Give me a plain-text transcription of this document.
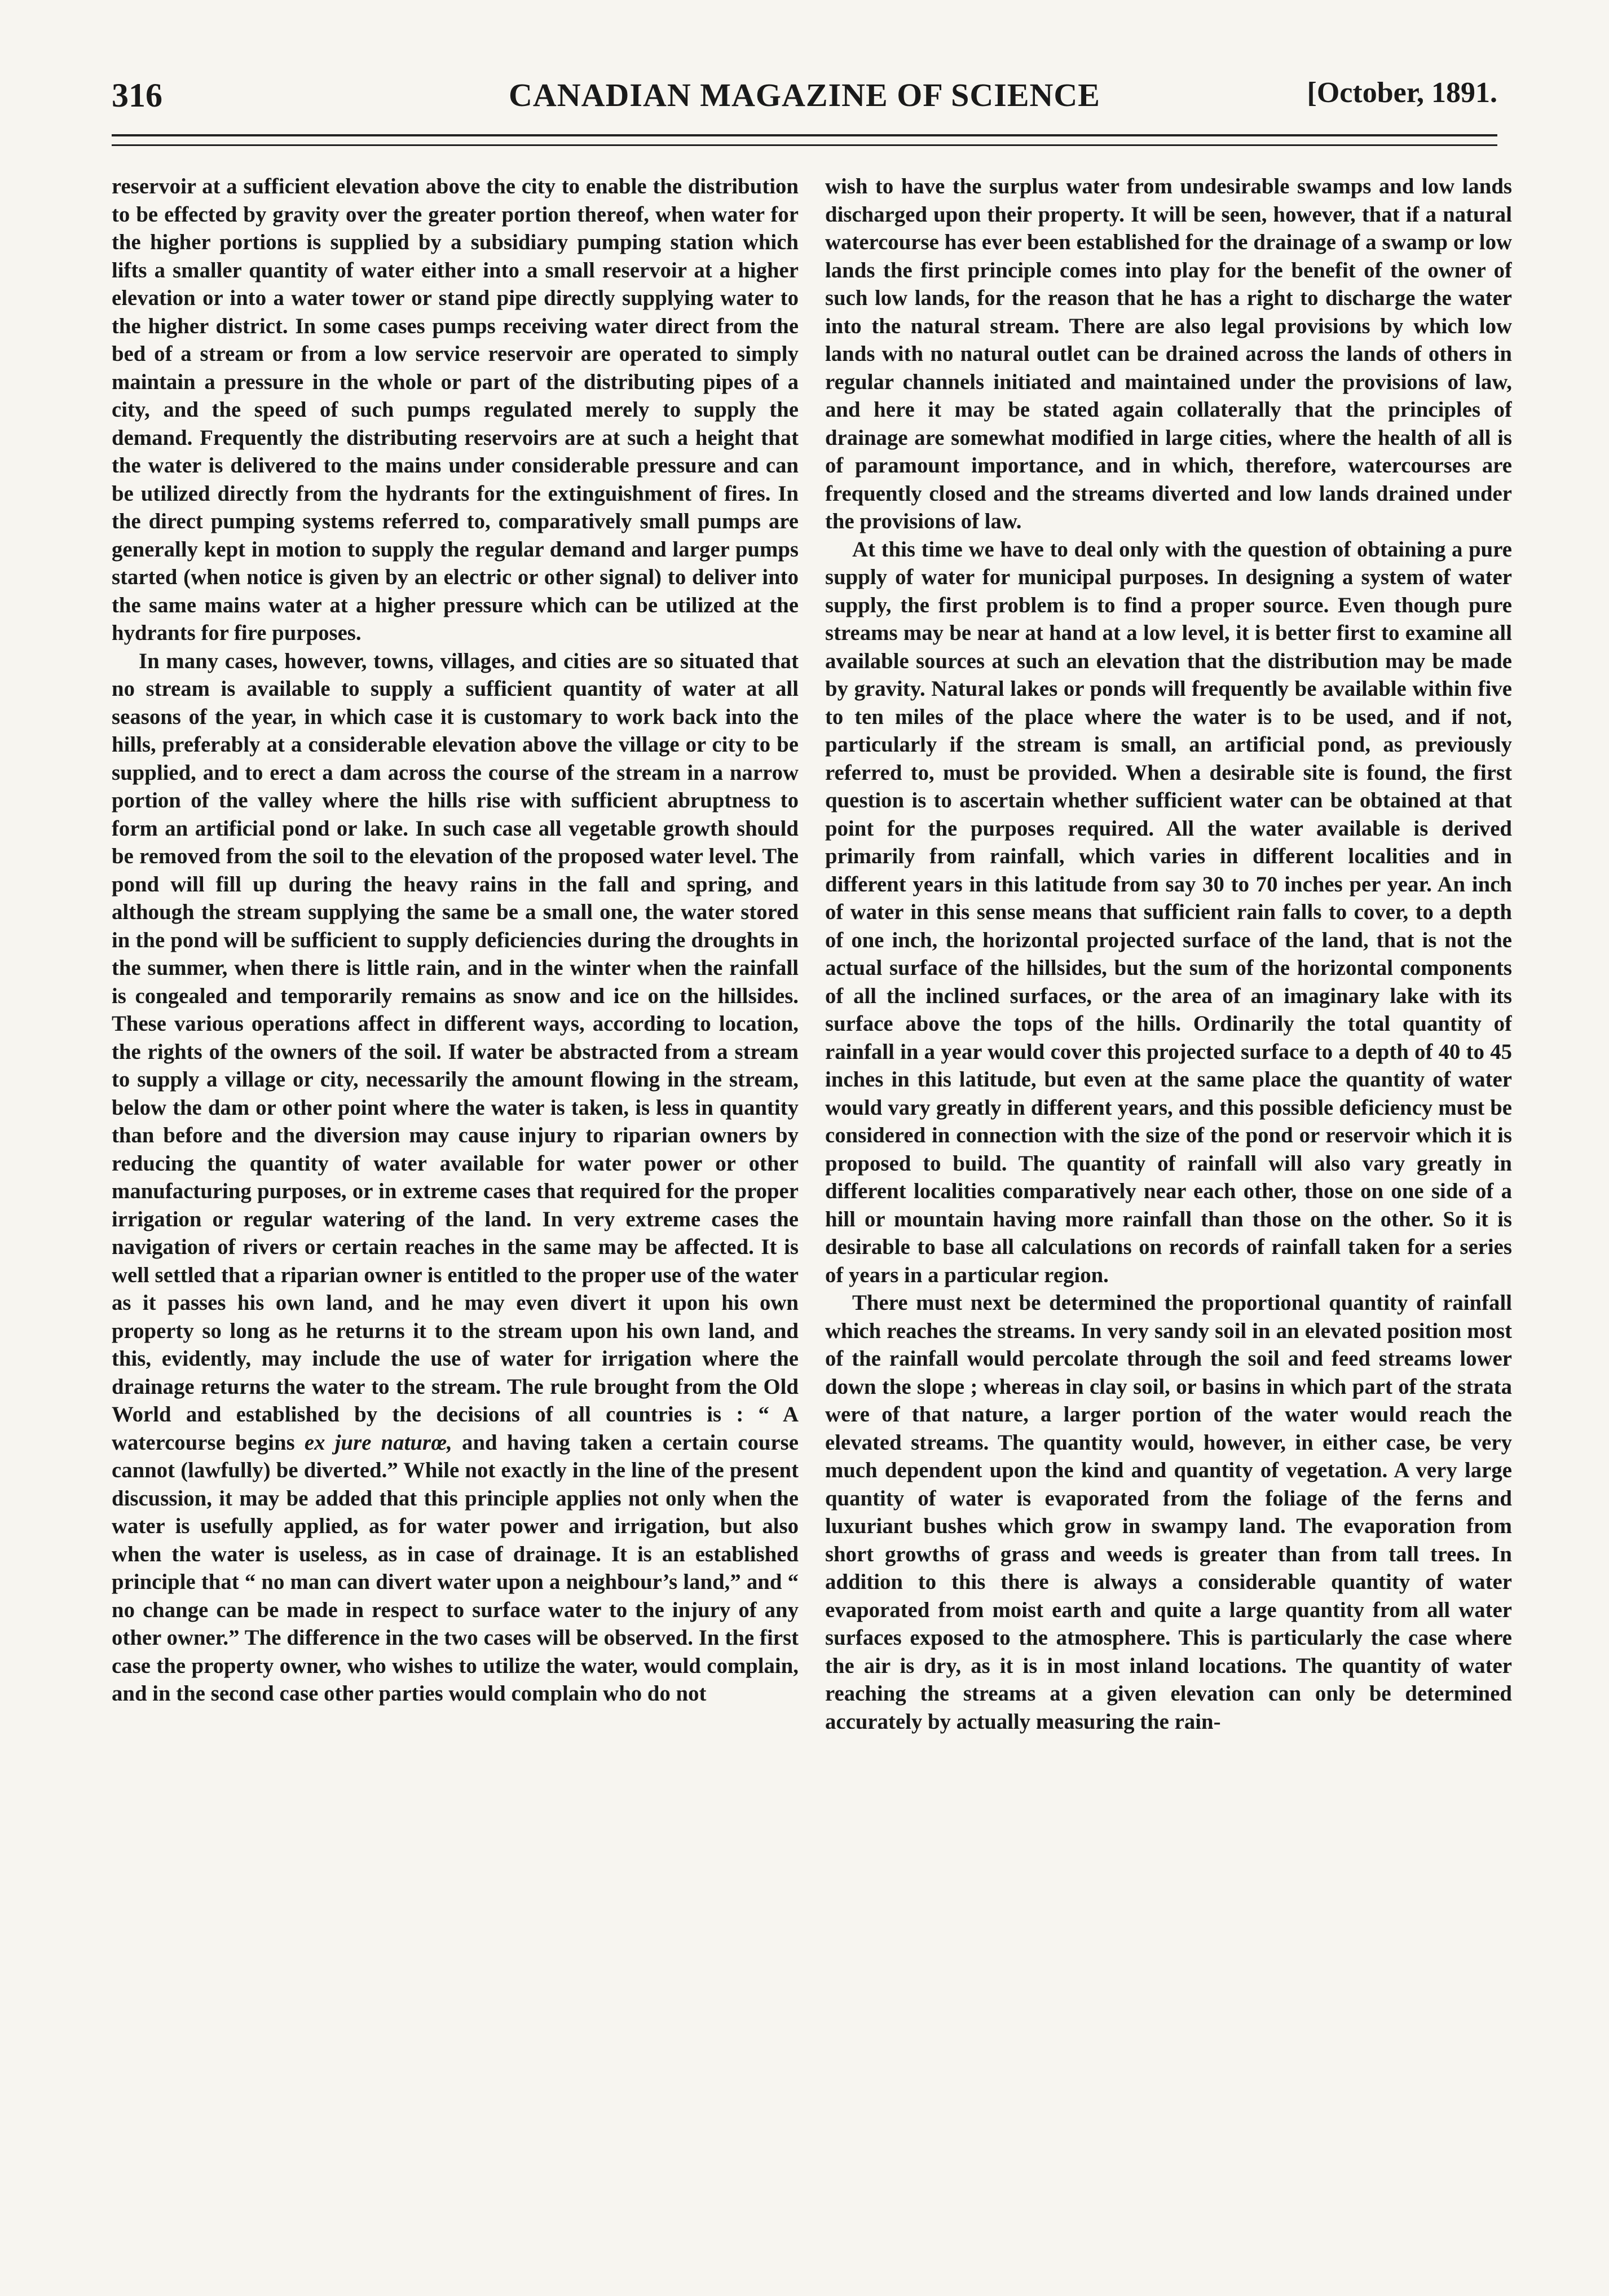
316	CANADIAN MAGAZINE OF SCIENCE	[October, 1891.

reservoir at a sufficient elevation above the city to enable the distribution to be effected by gravity over the greater portion thereof, when water for the higher portions is supplied by a subsidiary pumping station which lifts a smaller quantity of water either into a small reservoir at a higher elevation or into a water tower or stand pipe directly supplying water to the higher district. In some cases pumps receiving water direct from the bed of a stream or from a low service reservoir are operated to simply maintain a pressure in the whole or part of the distributing pipes of a city, and the speed of such pumps regulated merely to supply the demand. Frequently the distributing reservoirs are at such a height that the water is delivered to the mains under considerable pressure and can be utilized directly from the hydrants for the extinguishment of fires. In the direct pumping systems referred to, comparatively small pumps are generally kept in motion to supply the regular demand and larger pumps started (when notice is given by an electric or other signal) to deliver into the same mains water at a higher pressure which can be utilized at the hydrants for fire purposes.

In many cases, however, towns, villages, and cities are so situated that no stream is available to supply a sufficient quantity of water at all seasons of the year, in which case it is customary to work back into the hills, preferably at a considerable elevation above the village or city to be supplied, and to erect a dam across the course of the stream in a narrow portion of the valley where the hills rise with sufficient abruptness to form an artificial pond or lake. In such case all vegetable growth should be removed from the soil to the elevation of the proposed water level. The pond will fill up during the heavy rains in the fall and spring, and although the stream supplying the same be a small one, the water stored in the pond will be sufficient to supply deficiencies during the droughts in the summer, when there is little rain, and in the winter when the rainfall is congealed and temporarily remains as snow and ice on the hillsides. These various operations affect in different ways, according to location, the rights of the owners of the soil. If water be abstracted from a stream to supply a village or city, necessarily the amount flowing in the stream, below the dam or other point where the water is taken, is less in quantity than before and the diversion may cause injury to riparian owners by reducing the quantity of water available for water power or other manufacturing purposes, or in extreme cases that required for the proper irrigation or regular watering of the land. In very extreme cases the navigation of rivers or certain reaches in the same may be affected. It is well settled that a riparian owner is entitled to the proper use of the water as it passes his own land, and he may even divert it upon his own property so long as he returns it to the stream upon his own land, and this, evidently, may include the use of water for irrigation where the drainage returns the water to the stream. The rule brought from the Old World and established by the decisions of all countries is : “ A watercourse begins ex jure naturœ, and having taken a certain course cannot (lawfully) be diverted.” While not exactly in the line of the present discussion, it may be added that this principle applies not only when the water is usefully applied, as for water power and irrigation, but also when the water is useless, as in case of drainage. It is an established principle that “ no man can divert water upon a neighbour’s land,” and “ no change can be made in respect to surface water to the injury of any other owner.” The difference in the two cases will be observed. In the first case the property owner, who wishes to utilize the water, would complain, and in the second case other parties would complain who do not

wish to have the surplus water from undesirable swamps and low lands discharged upon their property. It will be seen, however, that if a natural watercourse has ever been established for the drainage of a swamp or low lands the first principle comes into play for the benefit of the owner of such low lands, for the reason that he has a right to discharge the water into the natural stream. There are also legal provisions by which low lands with no natural outlet can be drained across the lands of others in regular channels initiated and maintained under the provisions of law, and here it may be stated again collaterally that the principles of drainage are somewhat modified in large cities, where the health of all is of paramount importance, and in which, therefore, watercourses are frequently closed and the streams diverted and low lands drained under the provisions of law.

At this time we have to deal only with the question of obtaining a pure supply of water for municipal purposes. In designing a system of water supply, the first problem is to find a proper source. Even though pure streams may be near at hand at a low level, it is better first to examine all available sources at such an elevation that the distribution may be made by gravity. Natural lakes or ponds will frequently be available within five to ten miles of the place where the water is to be used, and if not, particularly if the stream is small, an artificial pond, as previously referred to, must be provided. When a desirable site is found, the first question is to ascertain whether sufficient water can be obtained at that point for the purposes required. All the water available is derived primarily from rainfall, which varies in different localities and in different years in this latitude from say 30 to 70 inches per year. An inch of water in this sense means that sufficient rain falls to cover, to a depth of one inch, the horizontal projected surface of the land, that is not the actual surface of the hillsides, but the sum of the horizontal components of all the inclined surfaces, or the area of an imaginary lake with its surface above the tops of the hills. Ordinarily the total quantity of rainfall in a year would cover this projected surface to a depth of 40 to 45 inches in this latitude, but even at the same place the quantity of water would vary greatly in different years, and this possible deficiency must be considered in connection with the size of the pond or reservoir which it is proposed to build. The quantity of rainfall will also vary greatly in different localities comparatively near each other, those on one side of a hill or mountain having more rainfall than those on the other. So it is desirable to base all calculations on records of rainfall taken for a series of years in a particular region.

There must next be determined the proportional quantity of rainfall which reaches the streams. In very sandy soil in an elevated position most of the rainfall would percolate through the soil and feed streams lower down the slope ; whereas in clay soil, or basins in which part of the strata were of that nature, a larger portion of the water would reach the elevated streams. The quantity would, however, in either case, be very much dependent upon the kind and quantity of vegetation. A very large quantity of water is evaporated from the foliage of the ferns and luxuriant bushes which grow in swampy land. The evaporation from short growths of grass and weeds is greater than from tall trees. In addition to this there is always a considerable quantity of water evaporated from moist earth and quite a large quantity from all water surfaces exposed to the atmosphere. This is particularly the case where the air is dry, as it is in most inland locations. The quantity of water reaching the streams at a given elevation can only be determined accurately by actually measuring the rain-
